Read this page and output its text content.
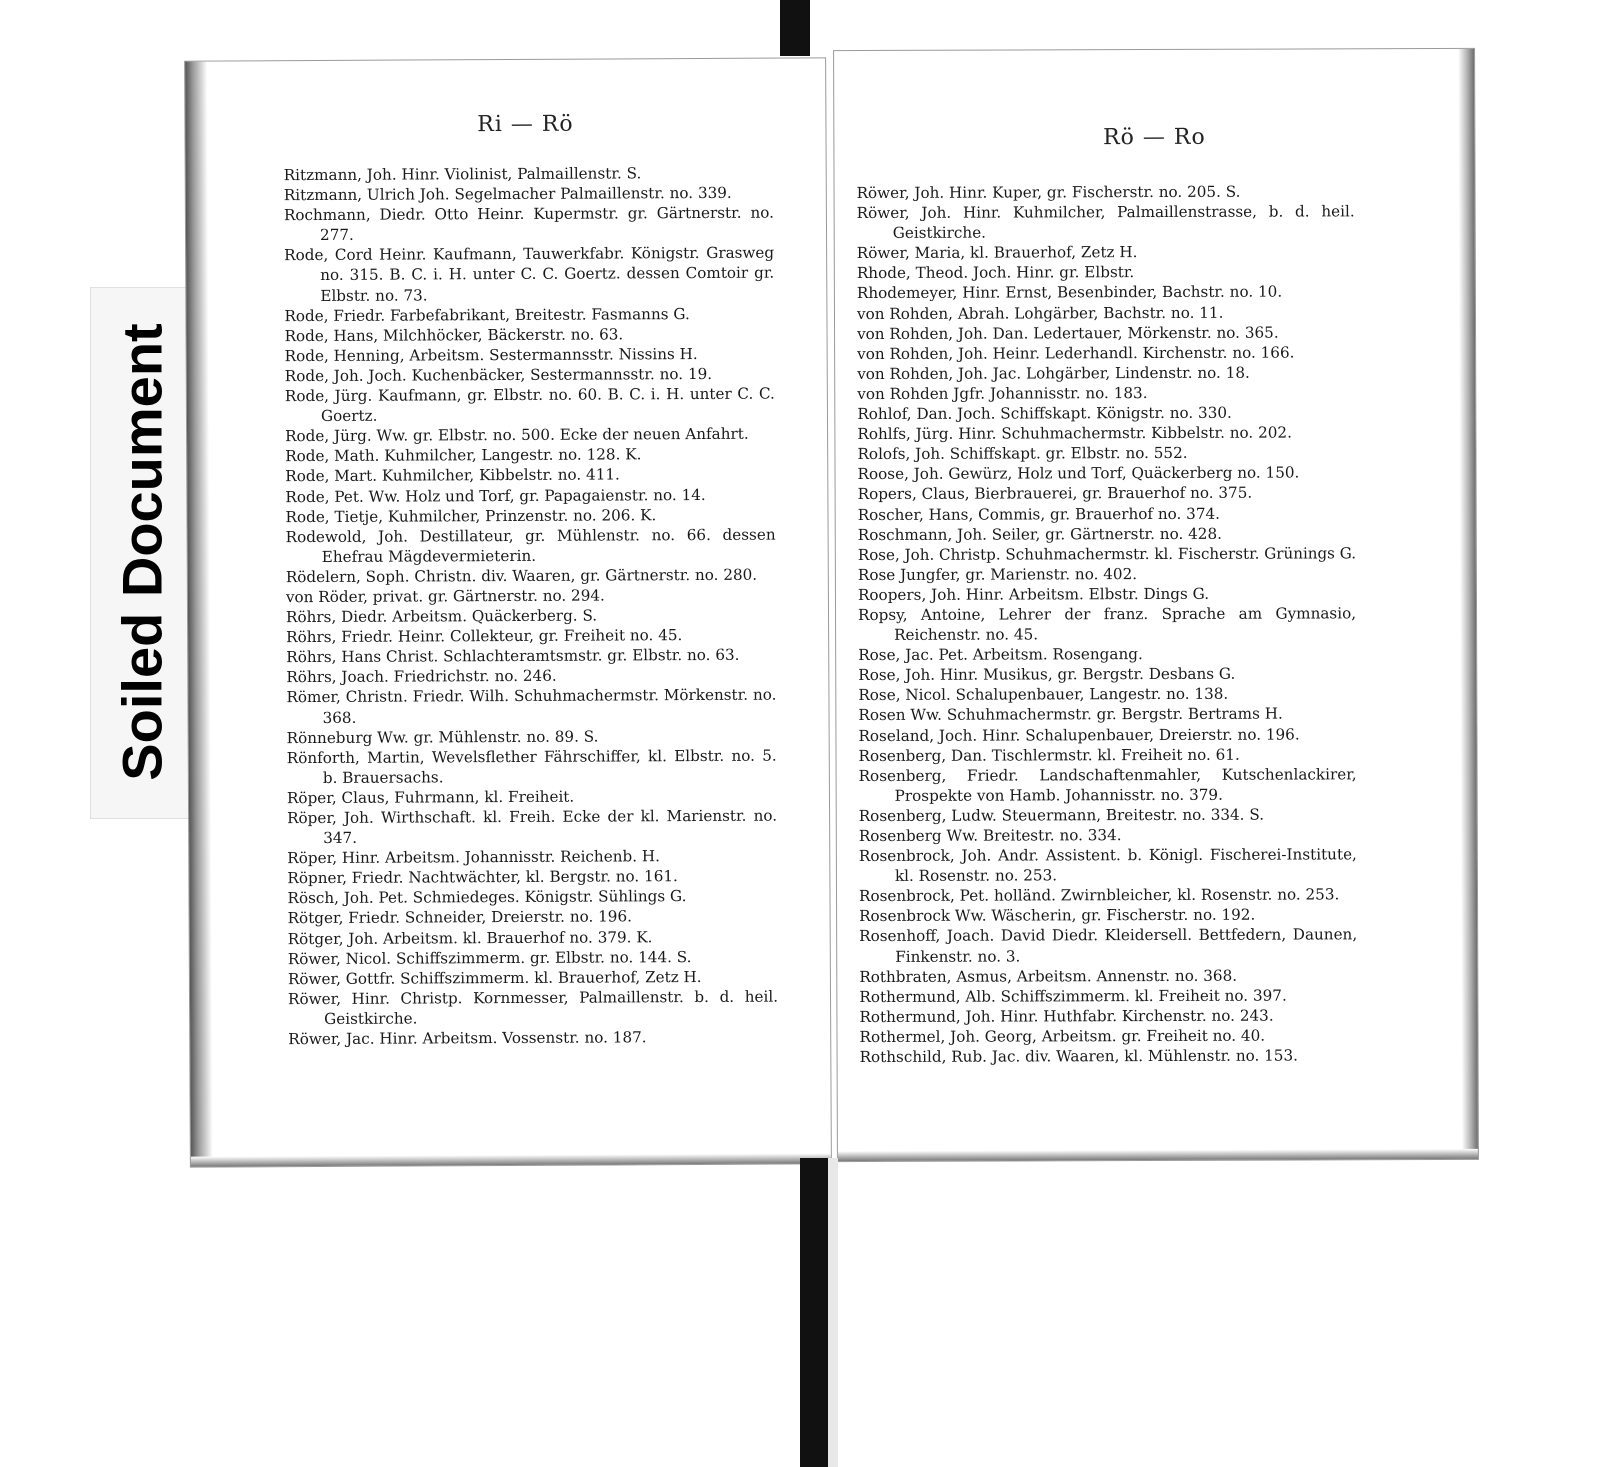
Soiled Document
Ri — Rö
Ritzmann, Joh. Hinr. Violinist, Palmaillenstr. S.
Ritzmann, Ulrich Joh. Segelmacher Palmaillenstr. no. 339.
Rochmann, Diedr. Otto Heinr. Kupermstr. gr. Gärtnerstr. no. 277.
Rode, Cord Heinr. Kaufmann, Tauwerkfabr. Königstr. Grasweg no. 315. B. C. i. H. unter C. C. Goertz. dessen Comtoir gr. Elbstr. no. 73.
Rode, Friedr. Farbefabrikant, Breitestr. Fasmanns G.
Rode, Hans, Milchhöcker, Bäckerstr. no. 63.
Rode, Henning, Arbeitsm. Sestermannsstr. Nissins H.
Rode, Joh. Joch. Kuchenbäcker, Sestermannsstr. no. 19.
Rode, Jürg. Kaufmann, gr. Elbstr. no. 60. B. C. i. H. unter C. C. Goertz.
Rode, Jürg. Ww. gr. Elbstr. no. 500. Ecke der neuen Anfahrt.
Rode, Math. Kuhmilcher, Langestr. no. 128. K.
Rode, Mart. Kuhmilcher, Kibbelstr. no. 411.
Rode, Pet. Ww. Holz und Torf, gr. Papagaienstr. no. 14.
Rode, Tietje, Kuhmilcher, Prinzenstr. no. 206. K.
Rodewold, Joh. Destillateur, gr. Mühlenstr. no. 66. dessen Ehefrau Mägdevermieterin.
Rödelern, Soph. Christn. div. Waaren, gr. Gärtnerstr. no. 280.
von Röder, privat. gr. Gärtnerstr. no. 294.
Röhrs, Diedr. Arbeitsm. Quäckerberg. S.
Röhrs, Friedr. Heinr. Collekteur, gr. Freiheit no. 45.
Röhrs, Hans Christ. Schlachteramtsmstr. gr. Elbstr. no. 63.
Röhrs, Joach. Friedrichstr. no. 246.
Römer, Christn. Friedr. Wilh. Schuhmachermstr. Mörkenstr. no. 368.
Rönneburg Ww. gr. Mühlenstr. no. 89. S.
Rönforth, Martin, Wevelsflether Fährschiffer, kl. Elbstr. no. 5. b. Brauersachs.
Röper, Claus, Fuhrmann, kl. Freiheit.
Röper, Joh. Wirthschaft. kl. Freih. Ecke der kl. Marienstr. no. 347.
Röper, Hinr. Arbeitsm. Johannisstr. Reichenb. H.
Röpner, Friedr. Nachtwächter, kl. Bergstr. no. 161.
Rösch, Joh. Pet. Schmiedeges. Königstr. Sühlings G.
Rötger, Friedr. Schneider, Dreierstr. no. 196.
Rötger, Joh. Arbeitsm. kl. Brauerhof no. 379. K.
Röwer, Nicol. Schiffszimmerm. gr. Elbstr. no. 144. S.
Röwer, Gottfr. Schiffszimmerm. kl. Brauerhof, Zetz H.
Röwer, Hinr. Christp. Kornmesser, Palmaillenstr. b. d. heil. Geistkirche.
Röwer, Jac. Hinr. Arbeitsm. Vossenstr. no. 187.
Rö — Ro
Röwer, Joh. Hinr. Kuper, gr. Fischerstr. no. 205. S.
Röwer, Joh. Hinr. Kuhmilcher, Palmaillenstrasse, b. d. heil. Geistkirche.
Röwer, Maria, kl. Brauerhof, Zetz H.
Rhode, Theod. Joch. Hinr. gr. Elbstr.
Rhodemeyer, Hinr. Ernst, Besenbinder, Bachstr. no. 10.
von Rohden, Abrah. Lohgärber, Bachstr. no. 11.
von Rohden, Joh. Dan. Ledertauer, Mörkenstr. no. 365.
von Rohden, Joh. Heinr. Lederhandl. Kirchenstr. no. 166.
von Rohden, Joh. Jac. Lohgärber, Lindenstr. no. 18.
von Rohden Jgfr. Johannisstr. no. 183.
Rohlof, Dan. Joch. Schiffskapt. Königstr. no. 330.
Rohlfs, Jürg. Hinr. Schuhmachermstr. Kibbelstr. no. 202.
Rolofs, Joh. Schiffskapt. gr. Elbstr. no. 552.
Roose, Joh. Gewürz, Holz und Torf, Quäckerberg no. 150.
Ropers, Claus, Bierbrauerei, gr. Brauerhof no. 375.
Roscher, Hans, Commis, gr. Brauerhof no. 374.
Roschmann, Joh. Seiler, gr. Gärtnerstr. no. 428.
Rose, Joh. Christp. Schuhmachermstr. kl. Fischerstr. Grünings G.
Rose Jungfer, gr. Marienstr. no. 402.
Roopers, Joh. Hinr. Arbeitsm. Elbstr. Dings G.
Ropsy, Antoine, Lehrer der franz. Sprache am Gymnasio, Reichenstr. no. 45.
Rose, Jac. Pet. Arbeitsm. Rosengang.
Rose, Joh. Hinr. Musikus, gr. Bergstr. Desbans G.
Rose, Nicol. Schalupenbauer, Langestr. no. 138.
Rosen Ww. Schuhmachermstr. gr. Bergstr. Bertrams H.
Roseland, Joch. Hinr. Schalupenbauer, Dreierstr. no. 196.
Rosenberg, Dan. Tischlermstr. kl. Freiheit no. 61.
Rosenberg, Friedr. Landschaftenmahler, Kutschenlackirer, Prospekte von Hamb. Johannisstr. no. 379.
Rosenberg, Ludw. Steuermann, Breitestr. no. 334. S.
Rosenberg Ww. Breitestr. no. 334.
Rosenbrock, Joh. Andr. Assistent. b. Königl. Fischerei-Institute, kl. Rosenstr. no. 253.
Rosenbrock, Pet. holländ. Zwirnbleicher, kl. Rosenstr. no. 253.
Rosenbrock Ww. Wäscherin, gr. Fischerstr. no. 192.
Rosenhoff, Joach. David Diedr. Kleidersell. Bettfedern, Daunen, Finkenstr. no. 3.
Rothbraten, Asmus, Arbeitsm. Annenstr. no. 368.
Rothermund, Alb. Schiffszimmerm. kl. Freiheit no. 397.
Rothermund, Joh. Hinr. Huthfabr. Kirchenstr. no. 243.
Rothermel, Joh. Georg, Arbeitsm. gr. Freiheit no. 40.
Rothschild, Rub. Jac. div. Waaren, kl. Mühlenstr. no. 153.
